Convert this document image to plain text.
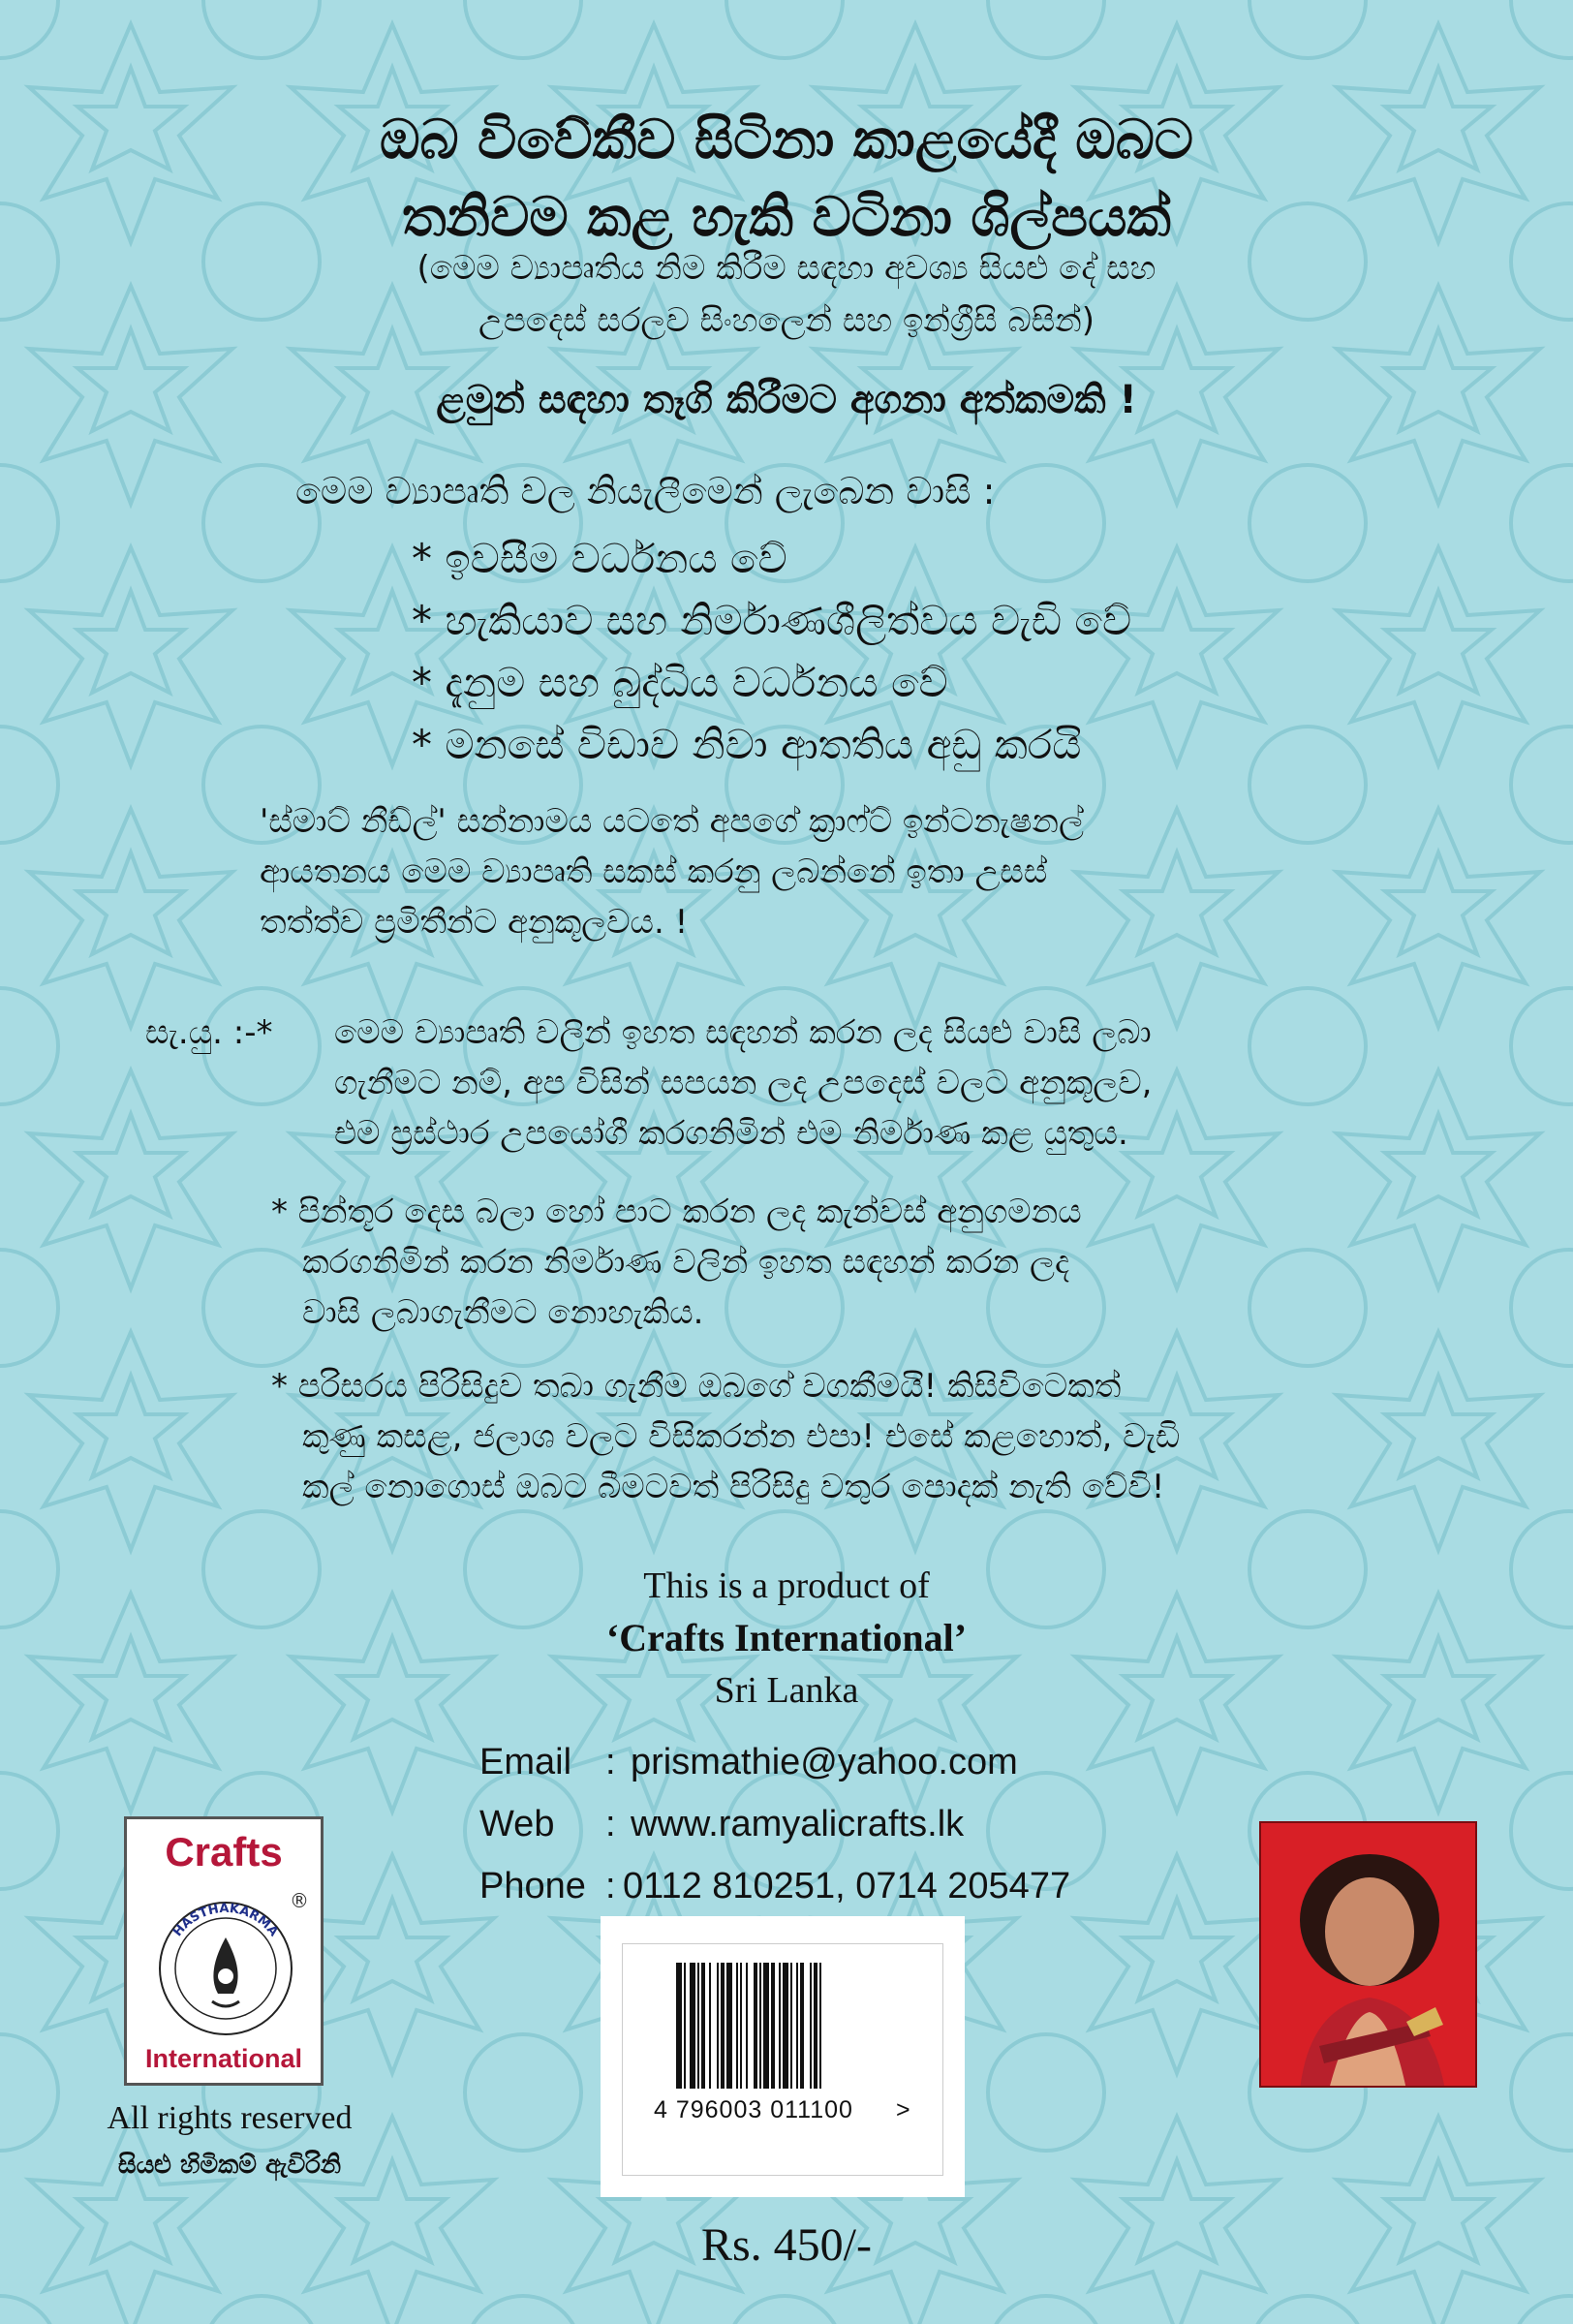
ඔබ විවේකීව සිටිනා කාළයේදී ඔබට
තනිවම කළ හැකි වටිනා ශිල්පයක්
(මෙම ව්‍යාපෘතිය නිම කිරීම සඳහා අවශ්‍ය සියළු දේ සහ
උපදෙස් සරලව සිංහලෙන් සහ ඉන්ග්‍රීසි බසින්)
ළමුන් සඳහා තෑගි කිරීමට අගනා අත්කමකි !
මෙම ව්‍යාපෘති වල නියැලීමෙන් ලැබෙන වාසි :
* ඉවසීම වර්ධනය වේ
* හැකියාව සහ නිර්මාණශීලිත්වය වැඩි වේ
* දැනුම සහ බුද්ධිය වර්ධනය වේ
* මනසේ විඩාව නිවා ආතතිය අඩු කරයි
'ස්මාට් නීඩ්ල්' සන්නාමය යටතේ අපගේ ක්‍රාෆ්ට් ඉන්ටනැෂනල්
ආයතනය මෙම ව්‍යාපෘති සකස් කරනු ලබන්නේ ඉතා උසස්
තත්ත්ව ප්‍රමිතීන්ට අනුකූලවය. !
සැ.යු. :-* මෙම ව්‍යාපෘති වලින් ඉහත සඳහන් කරන ලද සියළු වාසි ලබා
ගැනීමට නම්, අප විසින් සපයන ලද උපදෙස් වලට අනුකූලව,
එම ප්‍රස්ථාර උපයෝගී කරගනිමින් එම නිර්මාණ කළ යුතුය.
* පින්තූර දෙස බලා හෝ පාට කරන ලද කැන්වස් අනුගමනය
කරගනිමින් කරන නිර්මාණ වලින් ඉහත සඳහන් කරන ලද
වාසි ලබාගැනීමට නොහැකිය.
* පරිසරය පිරිසිදුව තබා ගැනීම ඔබගේ වගකීමයි! කිසිවිටෙකත්
කුණු කසළ, ජලාශ වලට විසිකරන්න එපා! එසේ කළහොත්, වැඩි
කල් නොගොස් ඔබට බීමටවත් පිරිසිදු වතුර පොදක් නැති වේවි!
This is a product of
‘Crafts International’
Sri Lanka
Email : prismathie@yahoo.com
Web : www.ramyalicrafts.lk
Phone : 0112 810251, 0714 205477
Crafts
®
HASTHAKARMA
International
All rights reserved
සියළු හිමිකම් ඇවිරිනි
4 796003 011100 >
Rs. 450/-
